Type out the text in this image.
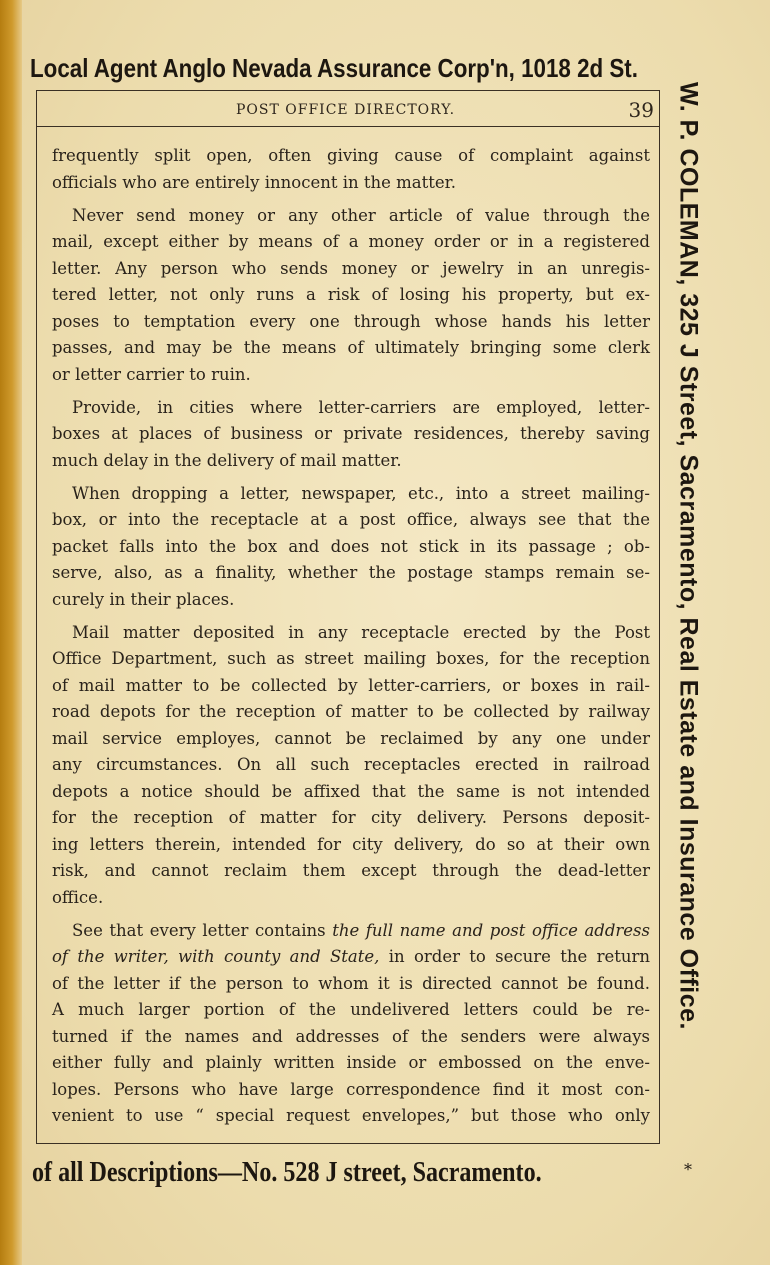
Local Agent Anglo Nevada Assurance Corp'n, 1018 2d St.
POST OFFICE DIRECTORY.	39

frequently split open, often giving cause of complaint against
officials who are entirely innocent in the matter.

Never send money or any other article of value through the
mail, except either by means of a money order or in a registered
letter. Any person who sends money or jewelry in an unregis-
tered letter, not only runs a risk of losing his property, but ex-
poses to temptation every one through whose hands his letter
passes, and may be the means of ultimately bringing some clerk
or letter carrier to ruin.

Provide, in cities where letter-carriers are employed, letter-
boxes at places of business or private residences, thereby saving
much delay in the delivery of mail matter.

When dropping a letter, newspaper, etc., into a street mailing-
box, or into the receptacle at a post office, always see that the
packet falls into the box and does not stick in its passage ; ob-
serve, also, as a finality, whether the postage stamps remain se-
curely in their places.

Mail matter deposited in any receptacle erected by the Post
Office Department, such as street mailing boxes, for the reception
of mail matter to be collected by letter-carriers, or boxes in rail-
road depots for the reception of matter to be collected by railway
mail service employes, cannot be reclaimed by any one under
any circumstances. On all such receptacles erected in railroad
depots a notice should be affixed that the same is not intended
for the reception of matter for city delivery. Persons deposit-
ing letters therein, intended for city delivery, do so at their own
risk, and cannot reclaim them except through the dead-letter
office.

See that every letter contains the full name and post office address
of the writer, with county and State, in order to secure the return
of the letter if the person to whom it is directed cannot be found.
A much larger portion of the undelivered letters could be re-
turned if the names and addresses of the senders were always
either fully and plainly written inside or embossed on the enve-
lopes. Persons who have large correspondence find it most con-
venient to use “ special request envelopes,” but those who only

W. P. COLEMAN, 325 J Street, Sacramento, Real Estate and Insurance Office.
of all Descriptions—No. 528 J street, Sacramento.	*
